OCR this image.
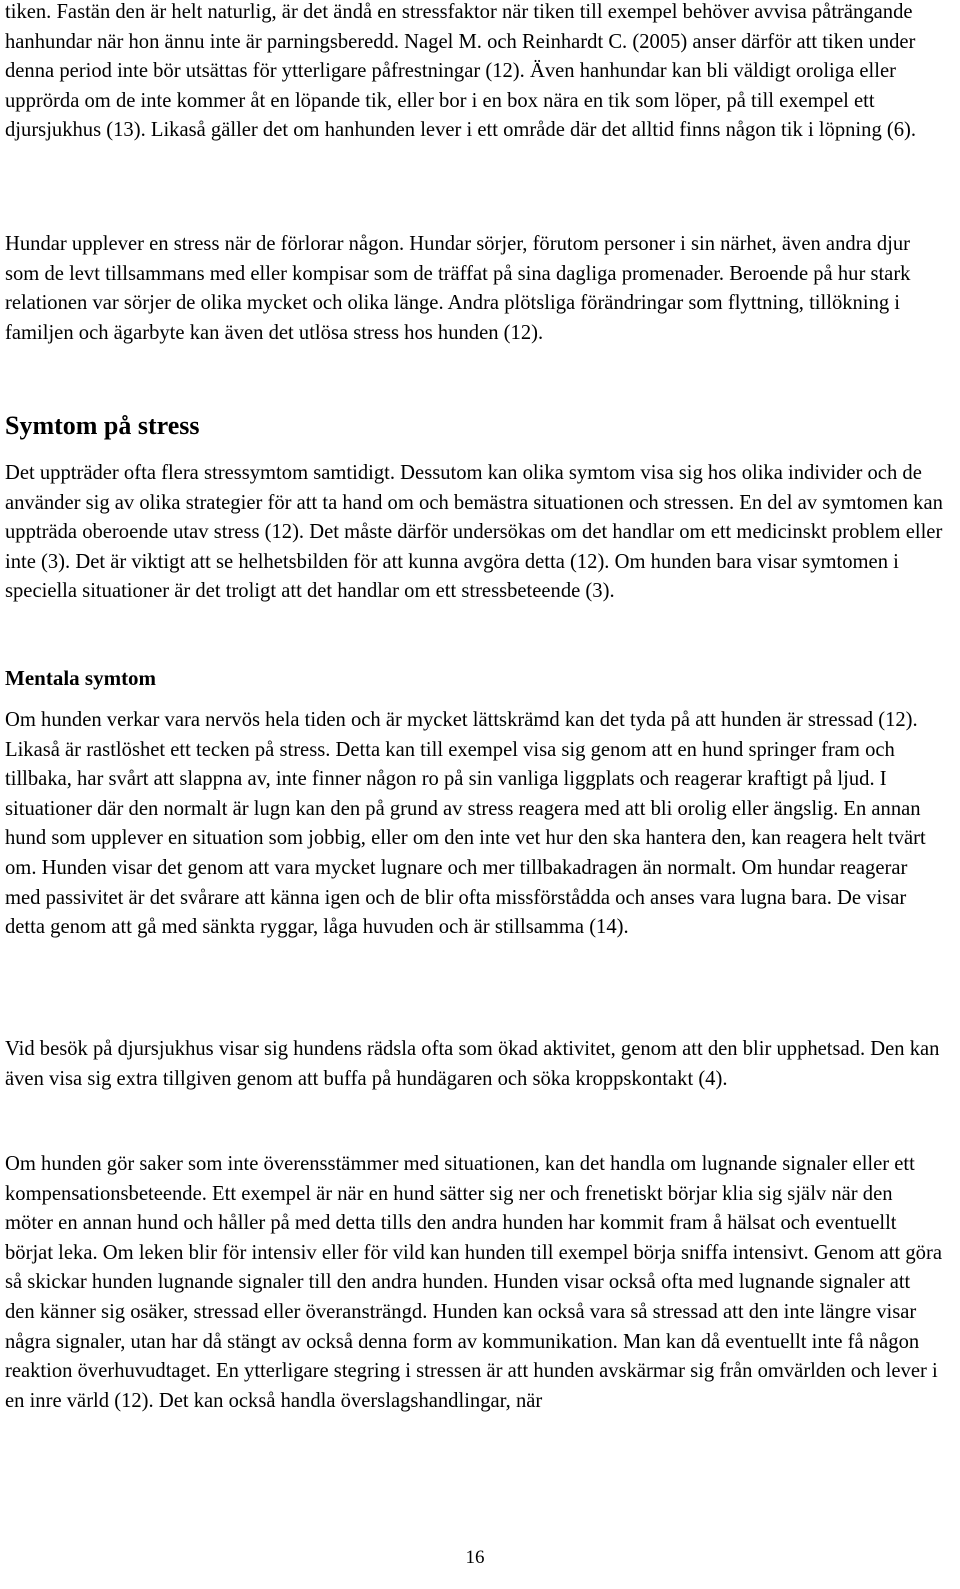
tiken. Fastän den är helt naturlig, är det ändå en stressfaktor när tiken till exempel behöver avvisa påträngande hanhundar när hon ännu inte är parningsberedd. Nagel M. och Reinhardt C. (2005) anser därför att tiken under denna period inte bör utsättas för ytterligare påfrestningar (12). Även hanhundar kan bli väldigt oroliga eller upprörda om de inte kommer åt en löpande tik, eller bor i en box nära en tik som löper, på till exempel ett djursjukhus (13). Likaså gäller det om hanhunden lever i ett område där det alltid finns någon tik i löpning (6).

Hundar upplever en stress när de förlorar någon. Hundar sörjer, förutom personer i sin närhet, även andra djur som de levt tillsammans med eller kompisar som de träffat på sina dagliga promenader. Beroende på hur stark relationen var sörjer de olika mycket och olika länge. Andra plötsliga förändringar som flyttning, tillökning i familjen och ägarbyte kan även det utlösa stress hos hunden (12).

Symtom på stress

Det uppträder ofta flera stressymtom samtidigt. Dessutom kan olika symtom visa sig hos olika individer och de använder sig av olika strategier för att ta hand om och bemästra situationen och stressen. En del av symtomen kan uppträda oberoende utav stress (12). Det måste därför undersökas om det handlar om ett medicinskt problem eller inte (3). Det är viktigt att se helhetsbilden för att kunna avgöra detta (12). Om hunden bara visar symtomen i speciella situationer är det troligt att det handlar om ett stressbeteende (3).

Mentala symtom

Om hunden verkar vara nervös hela tiden och är mycket lättskrämd kan det tyda på att hunden är stressad (12). Likaså är rastlöshet ett tecken på stress. Detta kan till exempel visa sig genom att en hund springer fram och tillbaka, har svårt att slappna av, inte finner någon ro på sin vanliga liggplats och reagerar kraftigt på ljud. I situationer där den normalt är lugn kan den på grund av stress reagera med att bli orolig eller ängslig. En annan hund som upplever en situation som jobbig, eller om den inte vet hur den ska hantera den, kan reagera helt tvärt om. Hunden visar det genom att vara mycket lugnare och mer tillbakadragen än normalt. Om hundar reagerar med passivitet är det svårare att känna igen och de blir ofta missförstådda och anses vara lugna bara. De visar detta genom att gå med sänkta ryggar, låga huvuden och är stillsamma (14).

Vid besök på djursjukhus visar sig hundens rädsla ofta som ökad aktivitet, genom att den blir upphetsad. Den kan även visa sig extra tillgiven genom att buffa på hundägaren och söka kroppskontakt (4).

Om hunden gör saker som inte överensstämmer med situationen, kan det handla om lugnande signaler eller ett kompensationsbeteende. Ett exempel är när en hund sätter sig ner och frenetiskt börjar klia sig själv när den möter en annan hund och håller på med detta tills den andra hunden har kommit fram å hälsat och eventuellt börjat leka. Om leken blir för intensiv eller för vild kan hunden till exempel börja sniffa intensivt. Genom att göra så skickar hunden lugnande signaler till den andra hunden. Hunden visar också ofta med lugnande signaler att den känner sig osäker, stressad eller överansträngd. Hunden kan också vara så stressad att den inte längre visar några signaler, utan har då stängt av också denna form av kommunikation. Man kan då eventuellt inte få någon reaktion överhuvudtaget. En ytterligare stegring i stressen är att hunden avskärmar sig från omvärlden och lever i en inre värld (12). Det kan också handla överslagshandlingar, när

16
